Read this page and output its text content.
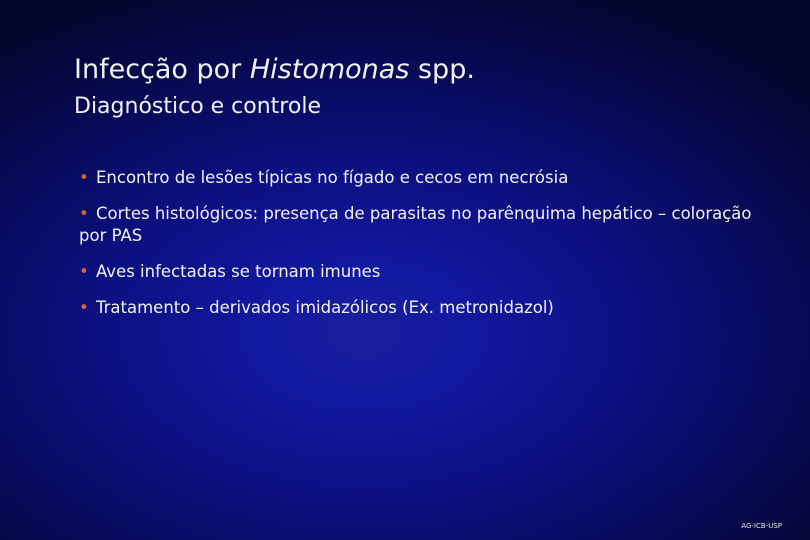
Infecção por Histomonas spp.
Diagnóstico e controle
• Encontro de lesões típicas no fígado e cecos em necrósia
• Cortes histológicos: presença de parasitas no parênquima hepático – coloração por PAS
• Aves infectadas se tornam imunes
• Tratamento – derivados imidazólicos (Ex. metronidazol)
AG-ICB-USP
